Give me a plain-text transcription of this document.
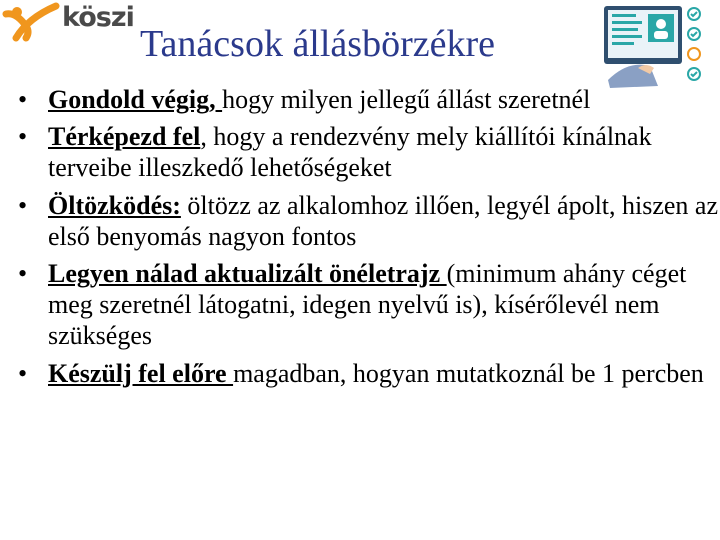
köszi
Tanácsok állásbörzékre
• Gondold végig, hogy milyen jellegű állást szeretnél
• Térképezd fel, hogy a rendezvény mely kiállítói kínálnak terveibe illeszkedő lehetőségeket
• Öltözködés: öltözz az alkalomhoz illően, legyél ápolt, hiszen az első benyomás nagyon fontos
• Legyen nálad aktualizált önéletrajz (minimum ahány céget meg szeretnél látogatni, idegen nyelvű is), kísérőlevél nem szükséges
• Készülj fel előre magadban, hogyan mutatkoznál be 1 percben
